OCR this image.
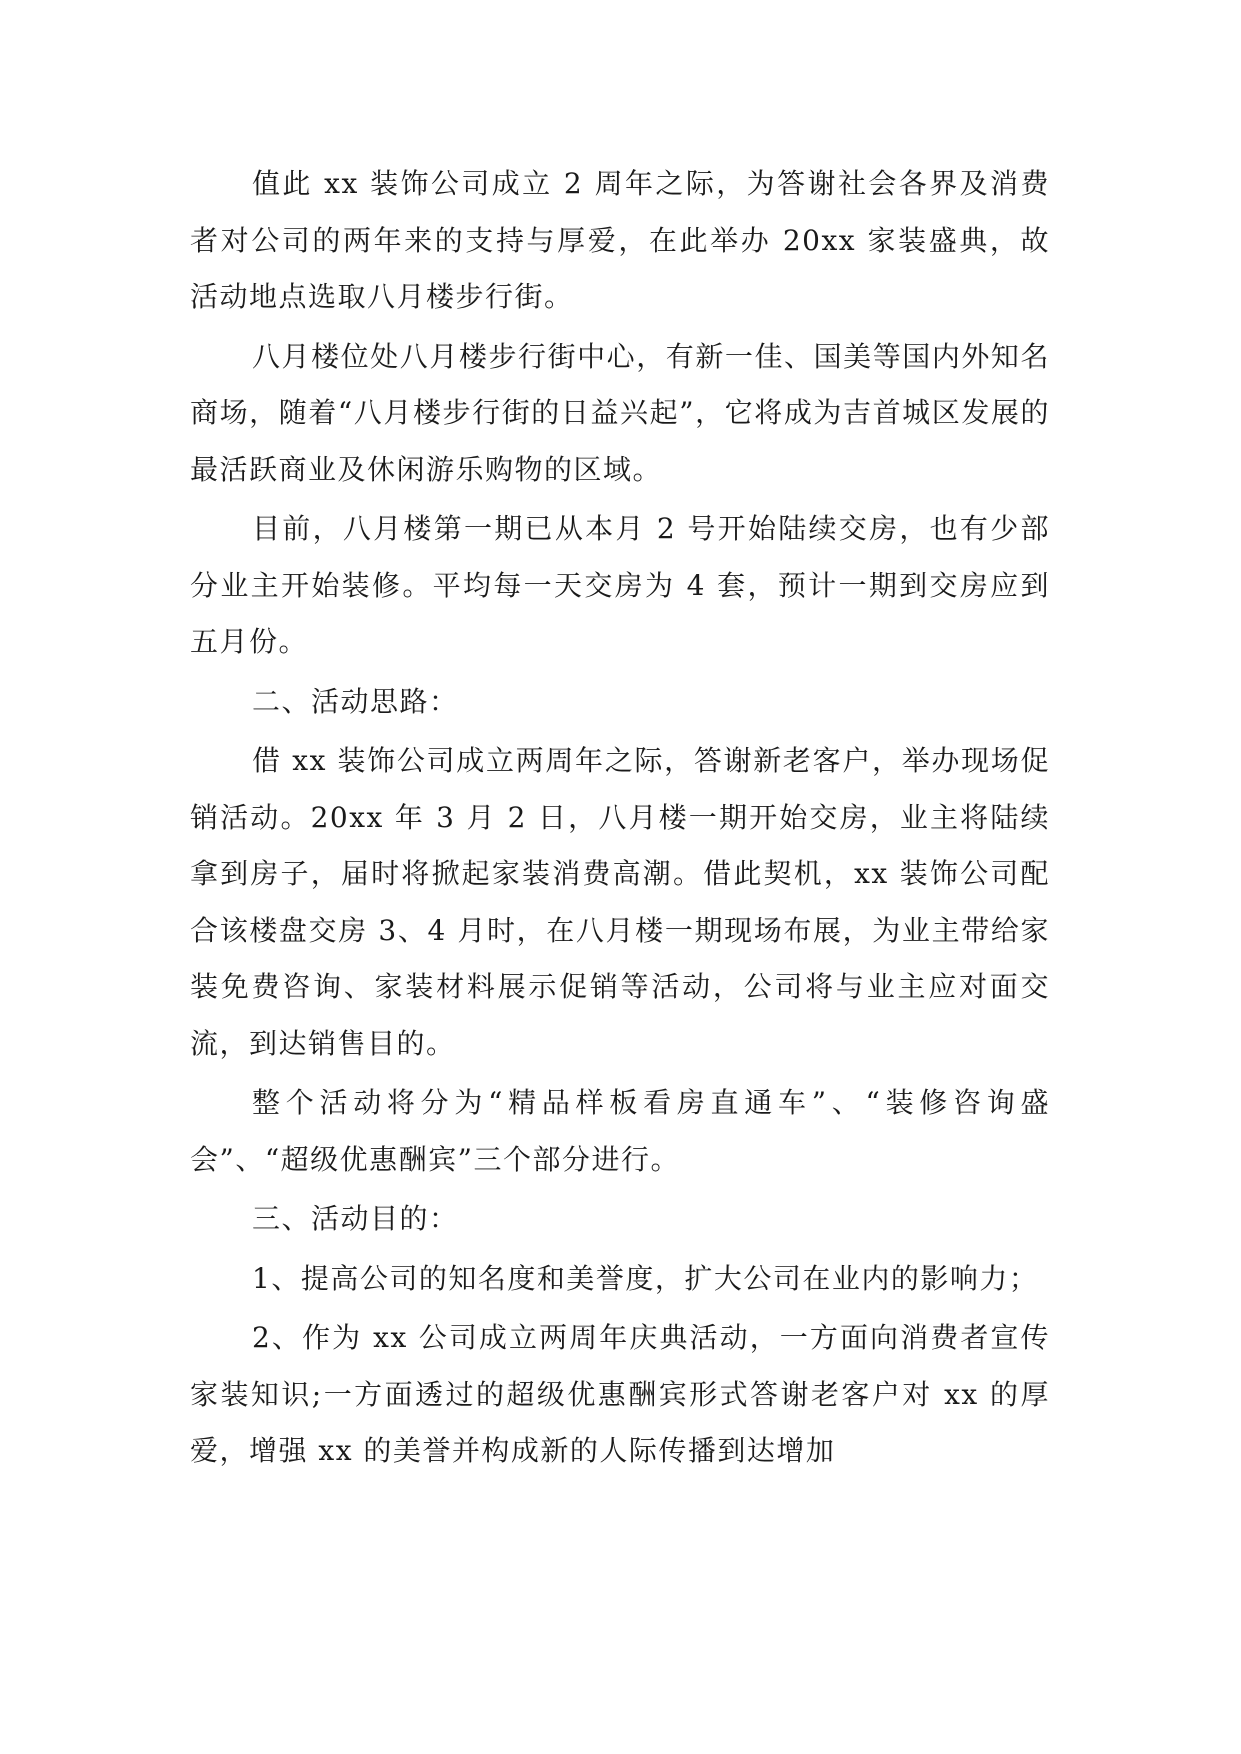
值此 xx 装饰公司成立 2 周年之际，为答谢社会各界及消费者对公司的两年来的支持与厚爱，在此举办 20xx 家装盛典，故活动地点选取八月楼步行街。

八月楼位处八月楼步行街中心，有新一佳、国美等国内外知名商场，随着“八月楼步行街的日益兴起”，它将成为吉首城区发展的最活跃商业及休闲游乐购物的区域。

目前，八月楼第一期已从本月 2 号开始陆续交房，也有少部分业主开始装修。平均每一天交房为 4 套，预计一期到交房应到五月份。

二、活动思路：

借 xx 装饰公司成立两周年之际，答谢新老客户，举办现场促销活动。20xx 年 3 月 2 日，八月楼一期开始交房，业主将陆续拿到房子，届时将掀起家装消费高潮。借此契机，xx 装饰公司配合该楼盘交房 3、4 月时，在八月楼一期现场布展，为业主带给家装免费咨询、家装材料展示促销等活动，公司将与业主应对面交流，到达销售目的。

整个活动将分为“精品样板看房直通车”、“装修咨询盛会”、“超级优惠酬宾”三个部分进行。

三、活动目的：

1、提高公司的知名度和美誉度，扩大公司在业内的影响力；

2、作为 xx 公司成立两周年庆典活动，一方面向消费者宣传家装知识;一方面透过的超级优惠酬宾形式答谢老客户对 xx 的厚爱，增强 xx 的美誉并构成新的人际传播到达增加
